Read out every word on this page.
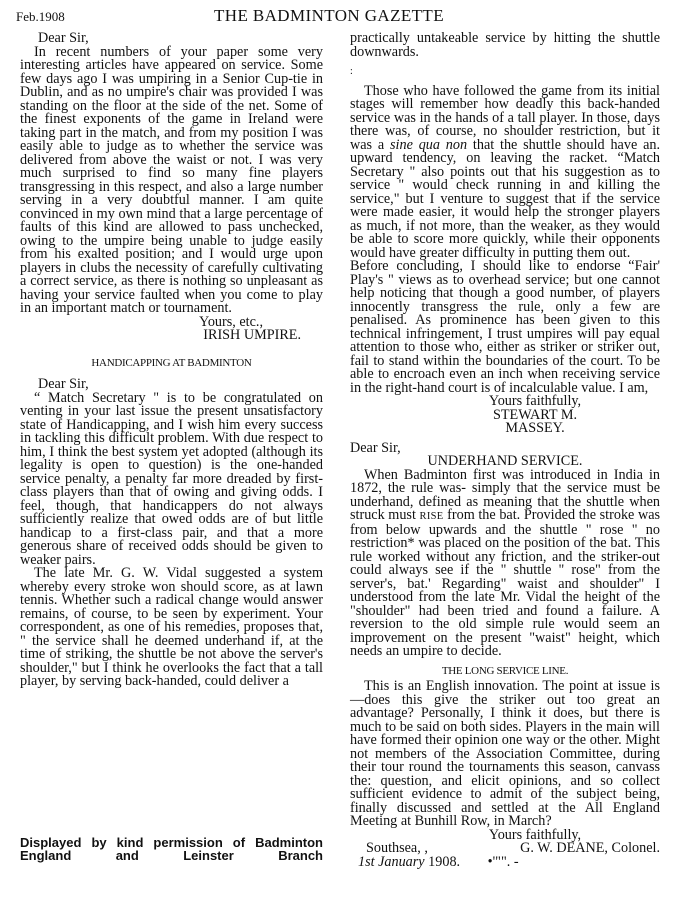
Feb.1908	THE BADMINTON GAZETTE
Dear Sir,

In recent numbers of your paper some very interesting articles have appeared on service. Some few days ago I was umpiring in a Senior Cup-tie in Dublin, and as no umpire's chair was provided I was standing on the floor at the side of the net. Some of the finest exponents of the game in Ireland were taking part in the match, and from my position I was easily able to judge as to whether the service was delivered from above the waist or not. I was very much surprised to find so many fine players transgressing in this respect, and also a large number serving in a very doubtful manner. I am quite convinced in my own mind that a large percentage of faults of this kind are allowed to pass unchecked, owing to the umpire being unable to judge easily from his exalted position; and I would urge upon players in clubs the necessity of carefully cultivating a correct service, as there is nothing so unpleasant as having your service faulted when you come to play in an important match or tournament.

Yours, etc.,
IRISH UMPIRE.
HANDICAPPING AT BADMINTON
Dear Sir,

“ Match Secretary " is to be congratulated on venting in your last issue the present unsatisfactory state of Handicapping, and I wish him every success in tackling this difficult problem. With due respect to him, I think the best system yet adopted (although its legality is open to question) is the one-handed service penalty, a penalty far more dreaded by first-class players than that of owing and giving odds. I feel, though, that handicappers do not always sufficiently realize that owed odds are of but little handicap to a first-class pair, and that a more generous share of received odds should be given to weaker pairs.

The late Mr. G. W. Vidal suggested a system whereby every stroke won should score, as at lawn tennis. Whether such a radical change would answer remains, of course, to be seen by experiment. Your correspondent, as one of his remedies, proposes that, " the service shall he deemed underhand if, at the time of striking, the shuttle be not above the server's shoulder," but I think he overlooks the fact that a tall player, by serving back-handed, could deliver a

Displayed by kind permission of Badminton
England and Leinster Branch

practically untakeable service by hitting the shuttle downwards.

:

Those who have followed the game from its initial stages will remember how deadly this back-handed service was in the hands of a tall player. In those, days there was, of course, no shoulder restriction, but it was a sine qua non that the shuttle should have an. upward tendency, on leaving the racket. “Match Secretary " also points out that his suggestion as to service " would check running in and killing the service," but I venture to suggest that if the service were made easier, it would help the stronger players as much, if not more, than the weaker, as they would be able to score more quickly, while their opponents would have greater difficulty in putting them out.

Before concluding, I should like to endorse “Fair' Play's " views as to overhead service; but one cannot help noticing that though a good number, of players innocently transgress the rule, only a few are penalised. As prominence has been given to this technical infringement, I trust umpires will pay equal attention to those who, either as striker or striker out, fail to stand within the boundaries of the court. To be able to encroach even an inch when receiving service in the right-hand court is of incalculable value. I am,

Yours faithfully,
STEWART M.
MASSEY.
Dear Sir,
UNDERHAND SERVICE.

When Badminton first was introduced in India in 1872, the rule was- simply that the service must be underhand, defined as meaning that the shuttle when struck must RISE from the bat. Provided the stroke was from below upwards and the shuttle " rose " no restriction* was placed on the position of the bat. This rule worked without any friction, and the striker-out could always see if the " shuttle " rose" from the server's, bat.' Regarding" waist and shoulder" I understood from the late Mr. Vidal the height of the "shoulder" had been tried and found a failure. A reversion to the old simple rule would seem an improvement on the present "waist" height, which needs an umpire to decide.

THE LONG SERVICE LINE.

This is an English innovation. The point at issue is—does this give the striker out too great an advantage? Personally, I think it does, but there is much to be said on both sides. Players in the main will have formed their opinion one way or the other. Might not members of the Association Committee, during their tour round the tournaments this season, canvass the: question, and elicit opinions, and so collect sufficient evidence to admit of the subject being, finally discussed and settled at the All England Meeting at Bunhill Row, in March?

Yours faithfully,
Southsea, ,	G. W. DEANE, Colonel.
1st January 1908. •'"". -
